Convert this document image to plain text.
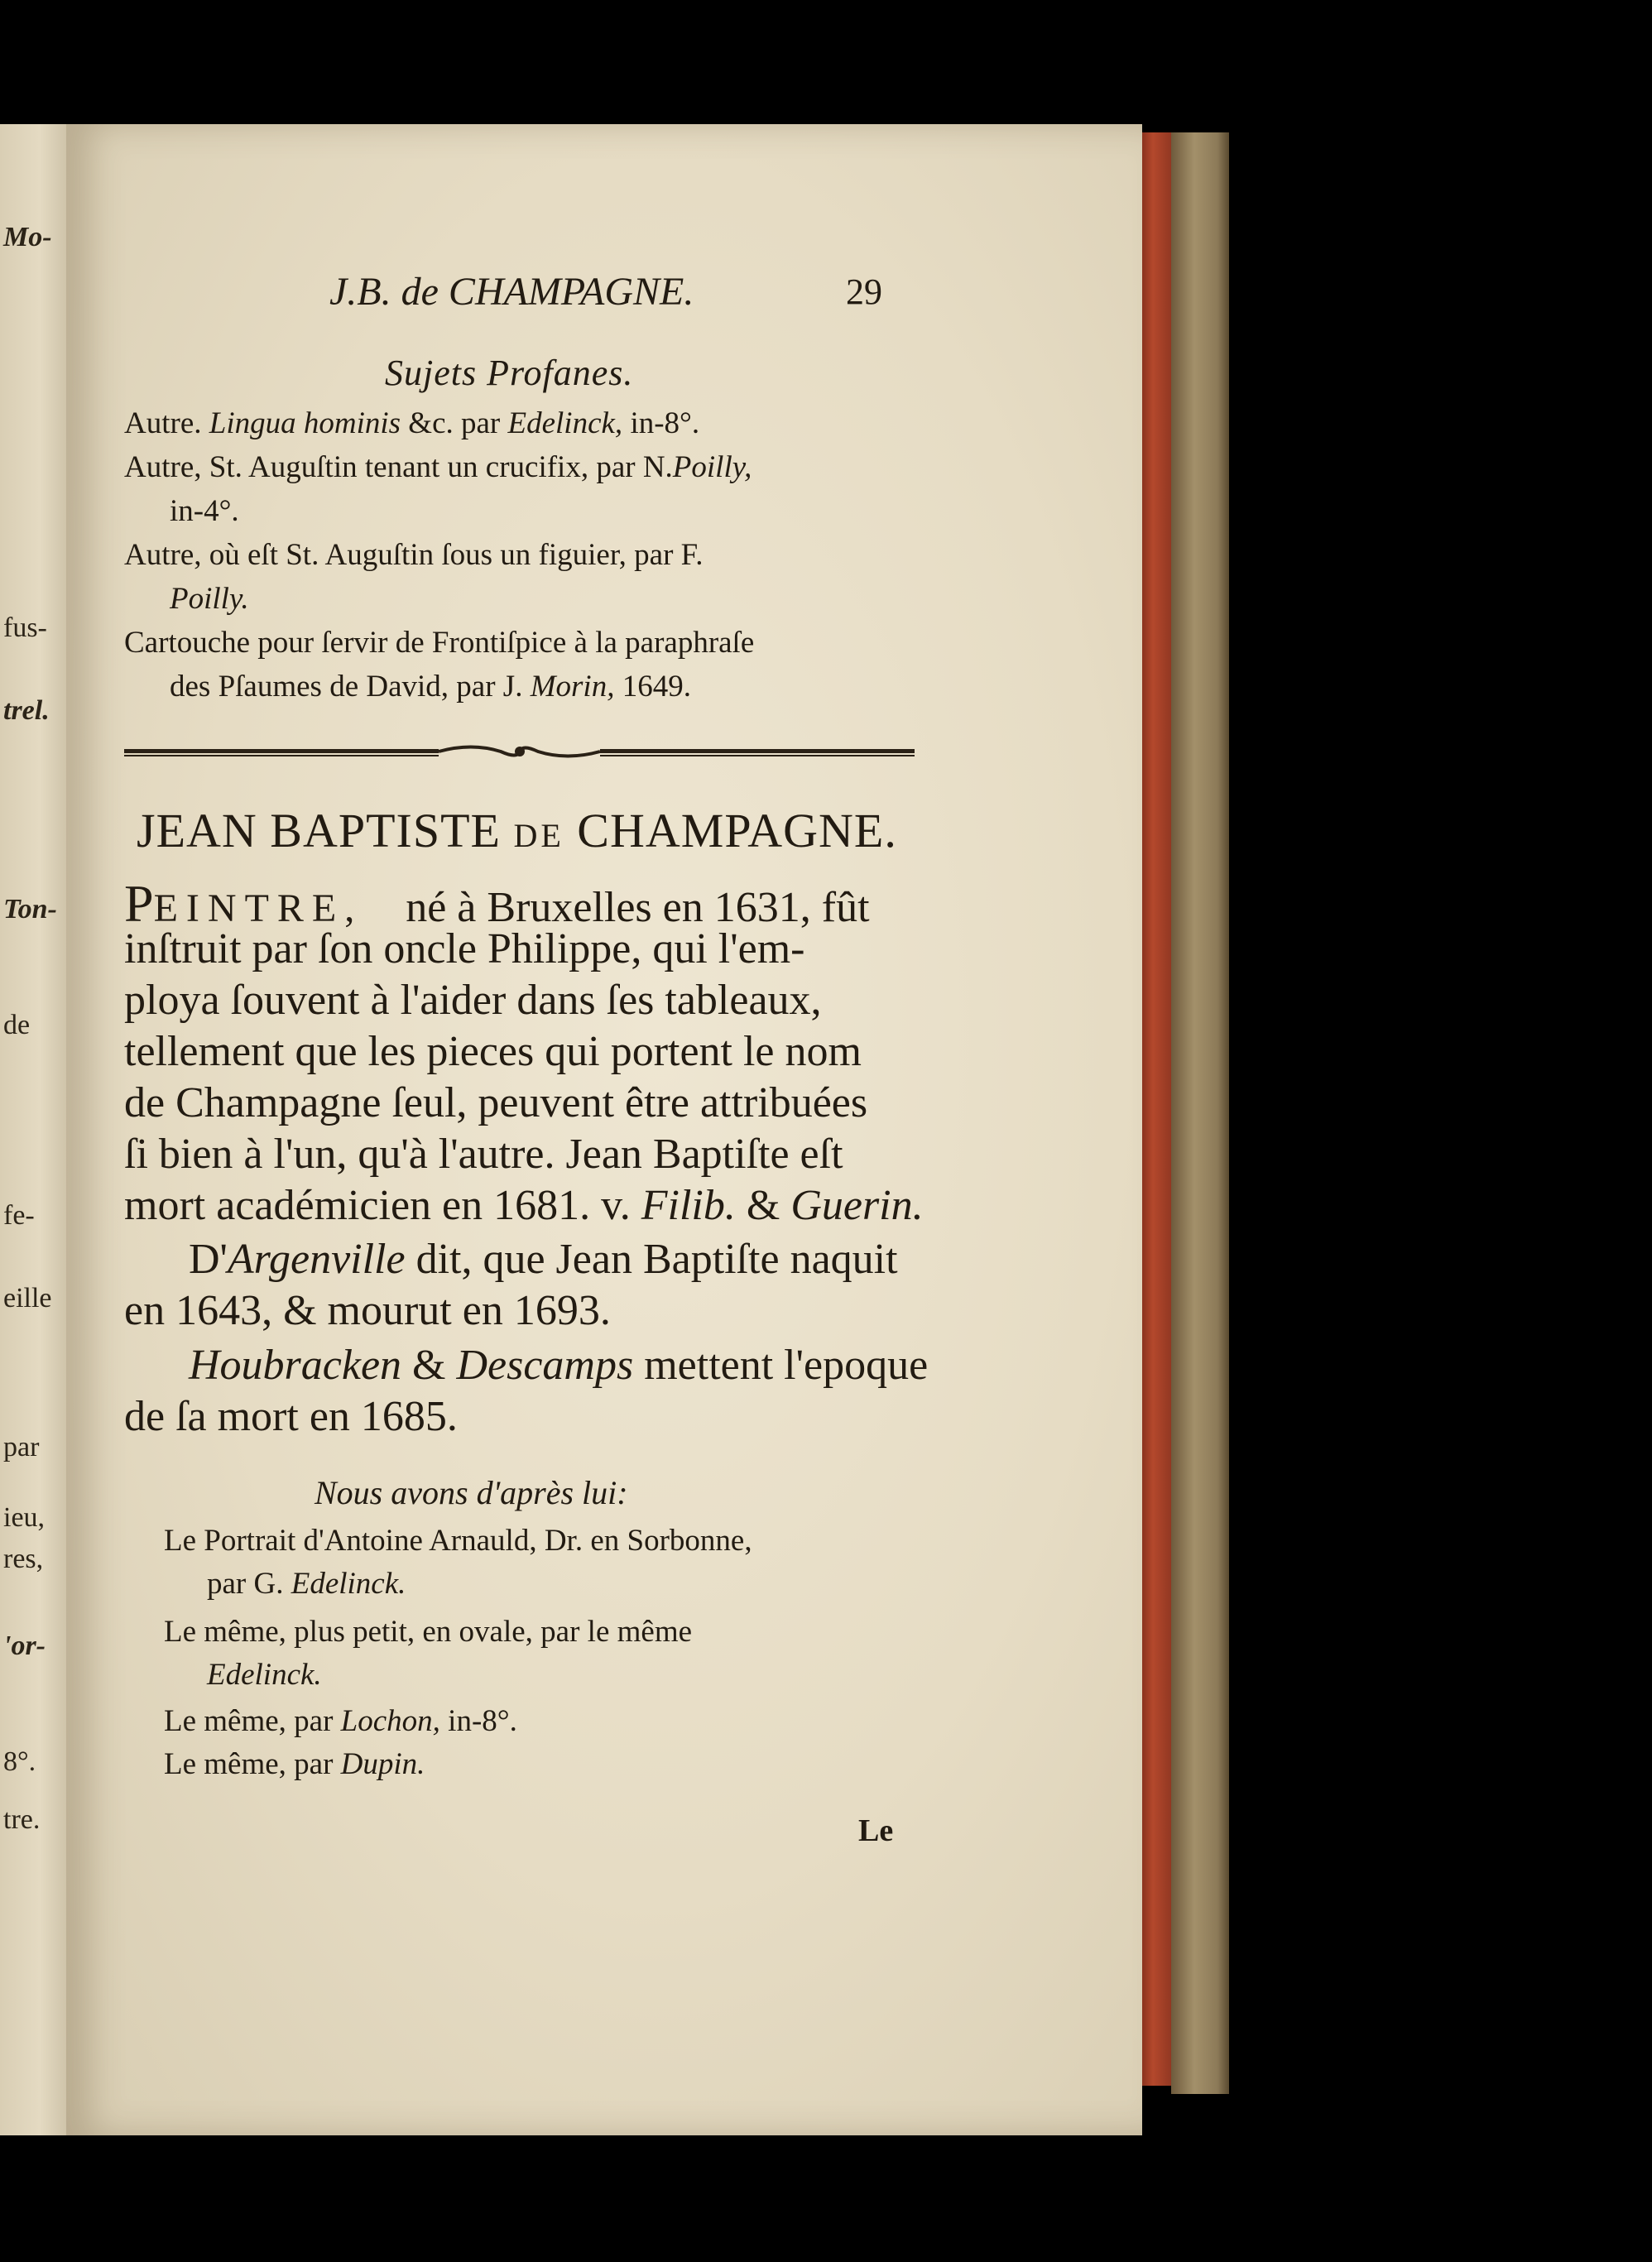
Mo-
fus-
trel.
Ton-
de
fe-
eille
par
ieu,
res,
'or-
8°.
tre.
J.B. de CHAMPAGNE.	29
Sujets Profanes.
Autre. Lingua hominis &c. par Edelinck, in-8°.
Autre, St. Auguſtin tenant un crucifix, par N.Poilly,
in-4°.
Autre, où eſt St. Auguſtin ſous un figuier, par F.
Poilly.
Cartouche pour ſervir de Frontiſpice à la paraphraſe
des Pſaumes de David, par J. Morin, 1649.
JEAN BAPTISTE DE CHAMPAGNE.
PEINTRE, né à Bruxelles en 1631, fût
inſtruit par ſon oncle Philippe, qui l'em-
ploya ſouvent à l'aider dans ſes tableaux,
tellement que les pieces qui portent le nom
de Champagne ſeul, peuvent être attribuées
ſi bien à l'un, qu'à l'autre. Jean Baptiſte eſt
mort académicien en 1681. v. Filib. & Guerin.
D'Argenville dit, que Jean Baptiſte naquit
en 1643, & mourut en 1693.
Houbracken & Descamps mettent l'epoque
de ſa mort en 1685.
Nous avons d'après lui:
Le Portrait d'Antoine Arnauld, Dr. en Sorbonne,
par G. Edelinck.
Le même, plus petit, en ovale, par le même
Edelinck.
Le même, par Lochon, in-8°.
Le même, par Dupin.
Le
